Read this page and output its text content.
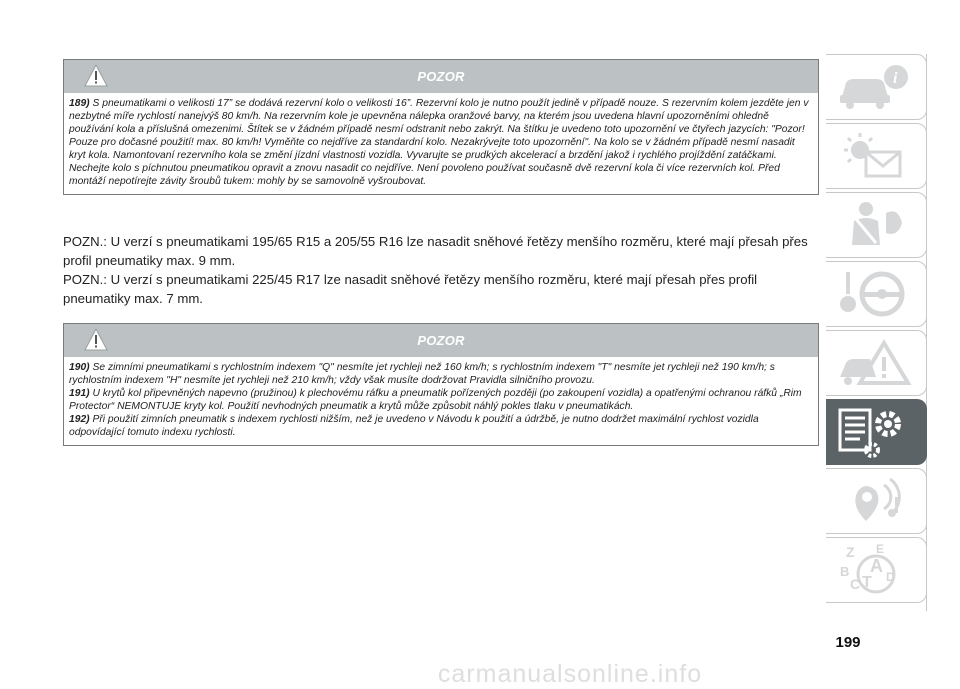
POZOR

189) S pneumatikami o velikosti 17” se dodává rezervní kolo o velikosti 16”. Rezervní kolo je nutno použít jedině v případě nouze. S rezervním kolem jezděte jen v nezbytné míře rychlostí nanejvýš 80 km/h. Na rezervním kole je upevněna nálepka oranžové barvy, na kterém jsou uvedena hlavní upozorněními ohledně používání kola a příslušná omezenimi. Štítek se v žádném případě nesmí odstranit nebo zakrýt. Na štítku je uvedeno toto upozornění ve čtyřech jazycích: "Pozor! Pouze pro dočasné použití! max. 80 km/h! Vyměňte co nejdříve za standardní kolo. Nezakrývejte toto upozornění". Na kolo se v žádném případě nesmí nasadit kryt kola. Namontovaní rezervního kola se změní jízdní vlastnosti vozidla. Vyvarujte se prudkých akcelerací a brzdění jakož i rychlého projíždění zatáčkami. Nechejte kolo s píchnutou pneumatikou opravit a znovu nasadit co nejdříve. Není povoleno používat současně dvě rezervní kola či více rezervních kol. Před montáží nepotírejte závity šroubů tukem: mohly by se samovolně vyšroubovat.

POZN.: U verzí s pneumatikami 195/65 R15 a 205/55 R16 lze nasadit sněhové řetězy menšího rozměru, které mají přesah přes profil pneumatiky max. 9 mm.

POZN.: U verzí s pneumatikami 225/45 R17 lze nasadit sněhové řetězy menšího rozměru, které mají přesah přes profil pneumatiky max. 7 mm.

POZOR

190) Se zimními pneumatikami s rychlostním indexem "Q" nesmíte jet rychleji než 160 km/h; s rychlostním indexem "T" nesmíte jet rychleji než 190 km/h; s rychlostním indexem "H" nesmíte jet rychleji než 210 km/h; vždy však musíte dodržovat Pravidla silničního provozu.

191) U krytů kol připevněných napevno (pružinou) k plechovému ráfku a pneumatik pořízených později (po zakoupení vozidla) a opatřenými ochranou ráfků „Rim Protector“ NEMONTUJE kryty kol. Použití nevhodných pneumatik a krytů může způsobit náhlý pokles tlaku v pneumatikách.

192) Při použití zimních pneumatik s indexem rychlosti nižším, než je uvedeno v Návodu k použití a údržbě, je nutno dodržet maximální rychlost vozidla odpovídající tomuto indexu rychlosti.

i
Z E
A
B
C T D
199
carmanualsonline.info
